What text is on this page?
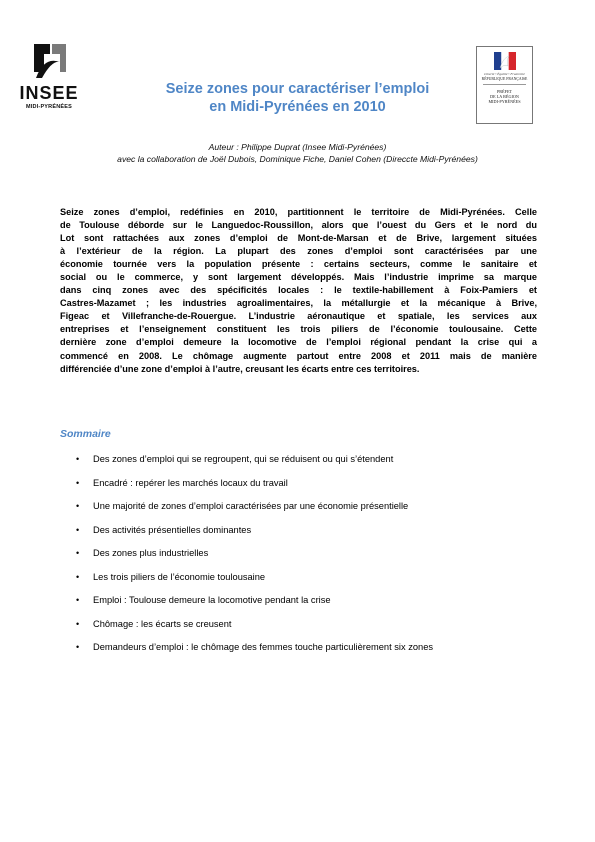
INSEE
MIDI-PYRÉNÉES
Liberté • Égalité • Fraternité
RÉPUBLIQUE FRANÇAISE
PRÉFET
DE LA RÉGION
MIDI-PYRÉNÉES
Seize zones pour caractériser l’emploi
en Midi-Pyrénées en 2010
Auteur : Philippe Duprat (Insee Midi-Pyrénées)
avec la collaboration de Joël Dubois, Dominique Fiche, Daniel Cohen (Direccte Midi-Pyrénées)
Seize zones d’emploi, redéfinies en 2010, partitionnent le territoire de Midi-Pyrénées. Celle
de Toulouse déborde sur le Languedoc-Roussillon, alors que l’ouest du Gers et le nord du
Lot sont rattachées aux zones d’emploi de Mont-de-Marsan et de Brive, largement situées
à l’extérieur de la région. La plupart des zones d’emploi sont caractérisées par une
économie tournée vers la population présente : certains secteurs, comme le sanitaire et
social ou le commerce, y sont largement développés. Mais l’industrie imprime sa marque
dans cinq zones avec des spécificités locales : le textile-habillement à Foix-Pamiers et
Castres-Mazamet ; les industries agroalimentaires, la métallurgie et la mécanique à Brive,
Figeac et Villefranche-de-Rouergue. L’industrie aéronautique et spatiale, les services aux
entreprises et l’enseignement constituent les trois piliers de l’économie toulousaine. Cette
dernière zone d’emploi demeure la locomotive de l’emploi régional pendant la crise qui a
commencé en 2008. Le chômage augmente partout entre 2008 et 2011 mais de manière
différenciée d’une zone d’emploi à l’autre, creusant les écarts entre ces territoires.
Sommaire
• Des zones d’emploi qui se regroupent, qui se réduisent ou qui s’étendent
• Encadré : repérer les marchés locaux du travail
• Une majorité de zones d’emploi caractérisées par une économie présentielle
• Des activités présentielles dominantes
• Des zones plus industrielles
• Les trois piliers de l’économie toulousaine
• Emploi : Toulouse demeure la locomotive pendant la crise
• Chômage : les écarts se creusent
• Demandeurs d’emploi : le chômage des femmes touche particulièrement six zones
